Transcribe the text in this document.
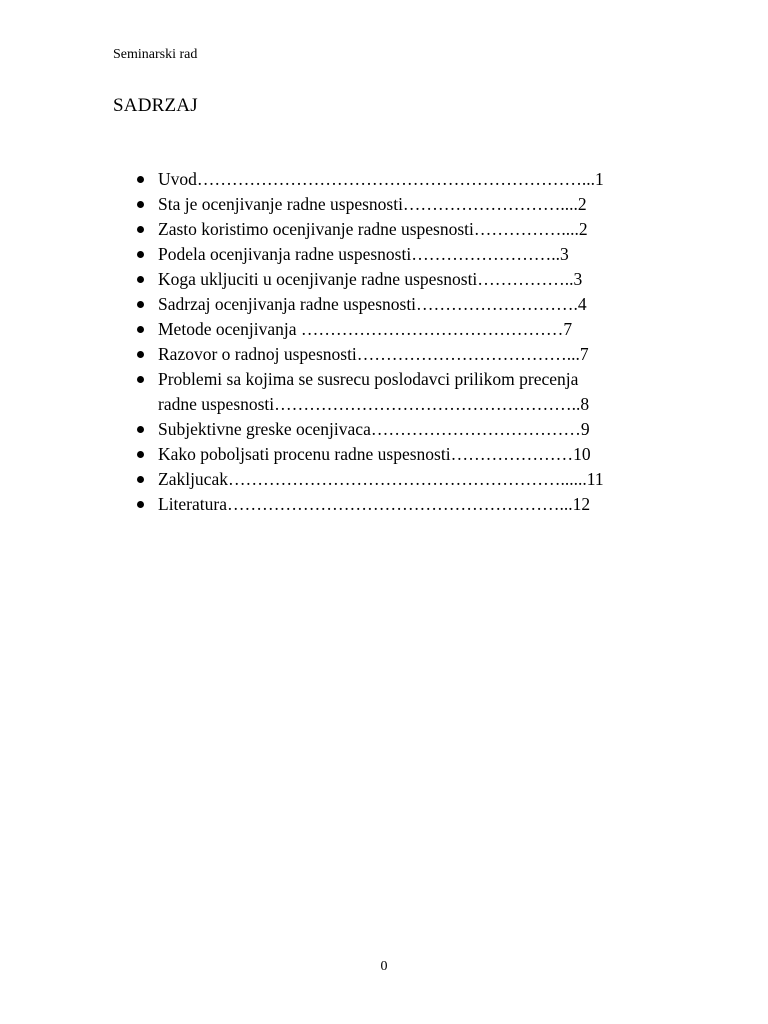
Seminarski rad
SADRZAJ
Uvod…………………………………………………………...1
Sta je ocenjivanje radne uspesnosti………………………....2
Zasto koristimo ocenjivanje radne uspesnosti……………....2
Podela ocenjivanja radne uspesnosti……………………..3
Koga ukljuciti u ocenjivanje radne uspesnosti……………..3
Sadrzaj ocenjivanja radne uspesnosti……………………….4
Metode ocenjivanja ………………………………………7
Razovor o radnoj uspesnosti………………………………...7
Problemi sa kojima se susrecu poslodavci prilikom precenja
radne uspesnosti……………………………………………..8
Subjektivne greske ocenjivaca………………………………9
Kako poboljsati procenu radne uspesnosti…………………10
Zakljucak…………………………………………………......11
Literatura…………………………………………………...12
0
